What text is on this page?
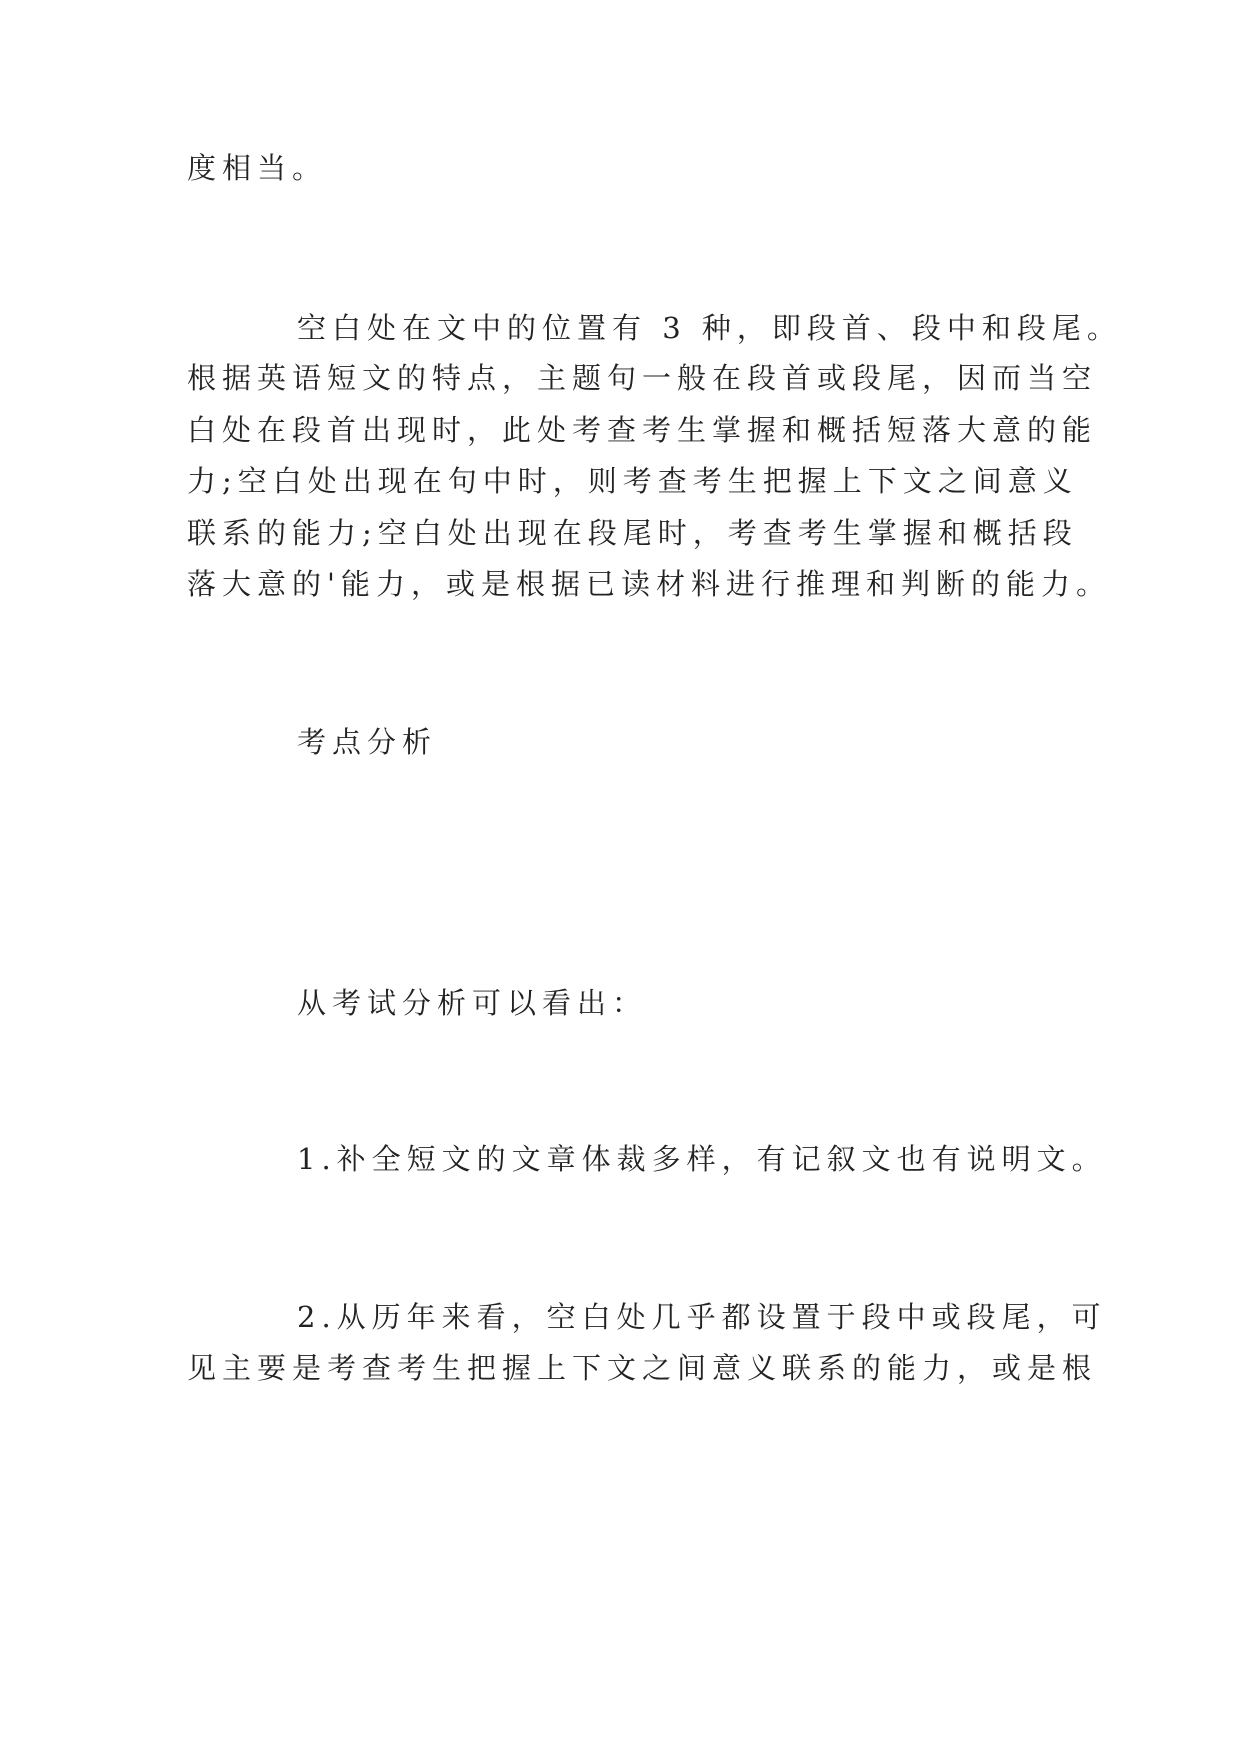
度相当。
空白处在文中的位置有 3 种，即段首、段中和段尾。
根据英语短文的特点，主题句一般在段首或段尾，因而当空
白处在段首出现时，此处考查考生掌握和概括短落大意的能
力;空白处出现在句中时，则考查考生把握上下文之间意义
联系的能力;空白处出现在段尾时，考查考生掌握和概括段
落大意的'能力，或是根据已读材料进行推理和判断的能力。
考点分析
从考试分析可以看出：
1.补全短文的文章体裁多样，有记叙文也有说明文。
2.从历年来看，空白处几乎都设置于段中或段尾，可
见主要是考查考生把握上下文之间意义联系的能力，或是根
